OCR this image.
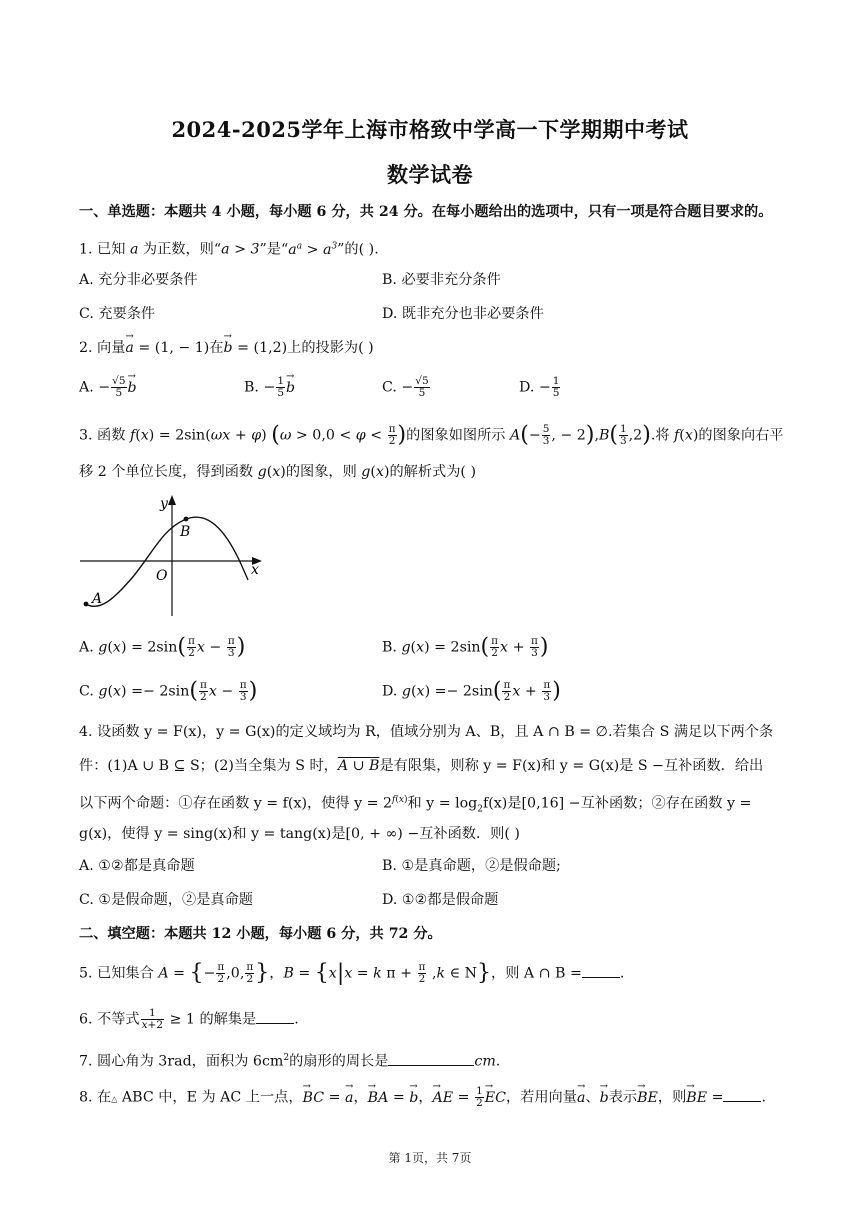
2024-2025学年上海市格致中学高一下学期期中考试
数学试卷
一、单选题：本题共 4 小题，每小题 6 分，共 24 分。在每小题给出的选项中，只有一项是符合题目要求的。
1. 已知 a 为正数，则“a > 3”是“$a^a > a^3$”的( ).
A. 充分非必要条件	B. 必要非充分条件
C. 充要条件	D. 既非充分也非必要条件
2. 向量→ a = (1, − 1)在→ b = (1,2)上的投影为( )
A. − $\frac{√5}{5} \to b$	B. − $\frac{1}{5} \to b$	C. − $\frac{√5}{5}$	D. − $\frac{1}{5}$
3. 函数 f(x) = 2sin(ωx + φ) ($\omega > 0,0 < \varphi < \frac{\pi}{2}$ )的图象如图所示 $A(- \frac{5}{3}$ , − $2),B( \frac{1}{3} ,2)$.将 f(x)的图象向右平
移 2 个单位长度，得到函数 g(x)的图象，则 g(x)的解析式为( )
y
x
O
A
B
A. $g(x) = 2\sin( \frac{\pi}{2}$ $x - \frac{\pi}{3}$ )	B. $g(x) = 2\sin( \frac{\pi}{2}$ $x + \frac{\pi}{3}$ )
C. $g(x) =- 2\sin( \frac{\pi}{2}$ $x - \frac{\pi}{3}$ )	D. $g(x) =- 2\sin( \frac{\pi}{2}$ $x + \frac{\pi}{3}$ )
4. 设函数 y = F(x)，y = G(x)的定义域均为 R，值域分别为 A、B，且 A ∩ B = ∅.若集合 S 满足以下两个条
件：(1)A ∪ B ⊆ S；(2)当全集为 S 时，A ∪ B是有限集，则称 y = F(x)和 y = G(x)是 S −互补函数．给出
以下两个命题：①存在函数 y = f(x)，使得 $y = 2^{f(x)}$和 $y = \log_2f(x)$是[0,16] −互补函数；②存在函数 y =
g(x)，使得 y = sing(x)和 y = tang(x)是[0, + ∞) −互补函数．则( )
A. ①②都是真命题	B. ①是真命题，②是假命题;
C. ①是假命题，②是真命题	D. ①②都是假命题
二、填空题：本题共 12 小题，每小题 6 分，共 72 分。
5. 已知集合 A = {− $\frac{\pi}{2} ,0$, $\frac{\pi}{2}$ }，B = {x|x = k $\pi + \frac{\pi}{2} ,k$ ∈ N}，则 A ∩ B =	.
6. 不等式 $\frac{1}{x+2} \ge 1$ 的解集是	.
7. 圆心角为 3rad，面积为 $6cm^2$的扇形的周长是	cm.
8. 在△ ABC 中，E 为 AC 上一点，→ BC = → a，→ BA = → b，→ AE = $\frac{1}{2}$ → EC，若用向量→ a、→ b表示→ BE，则→ BE =	.
第 1页，共 7页
